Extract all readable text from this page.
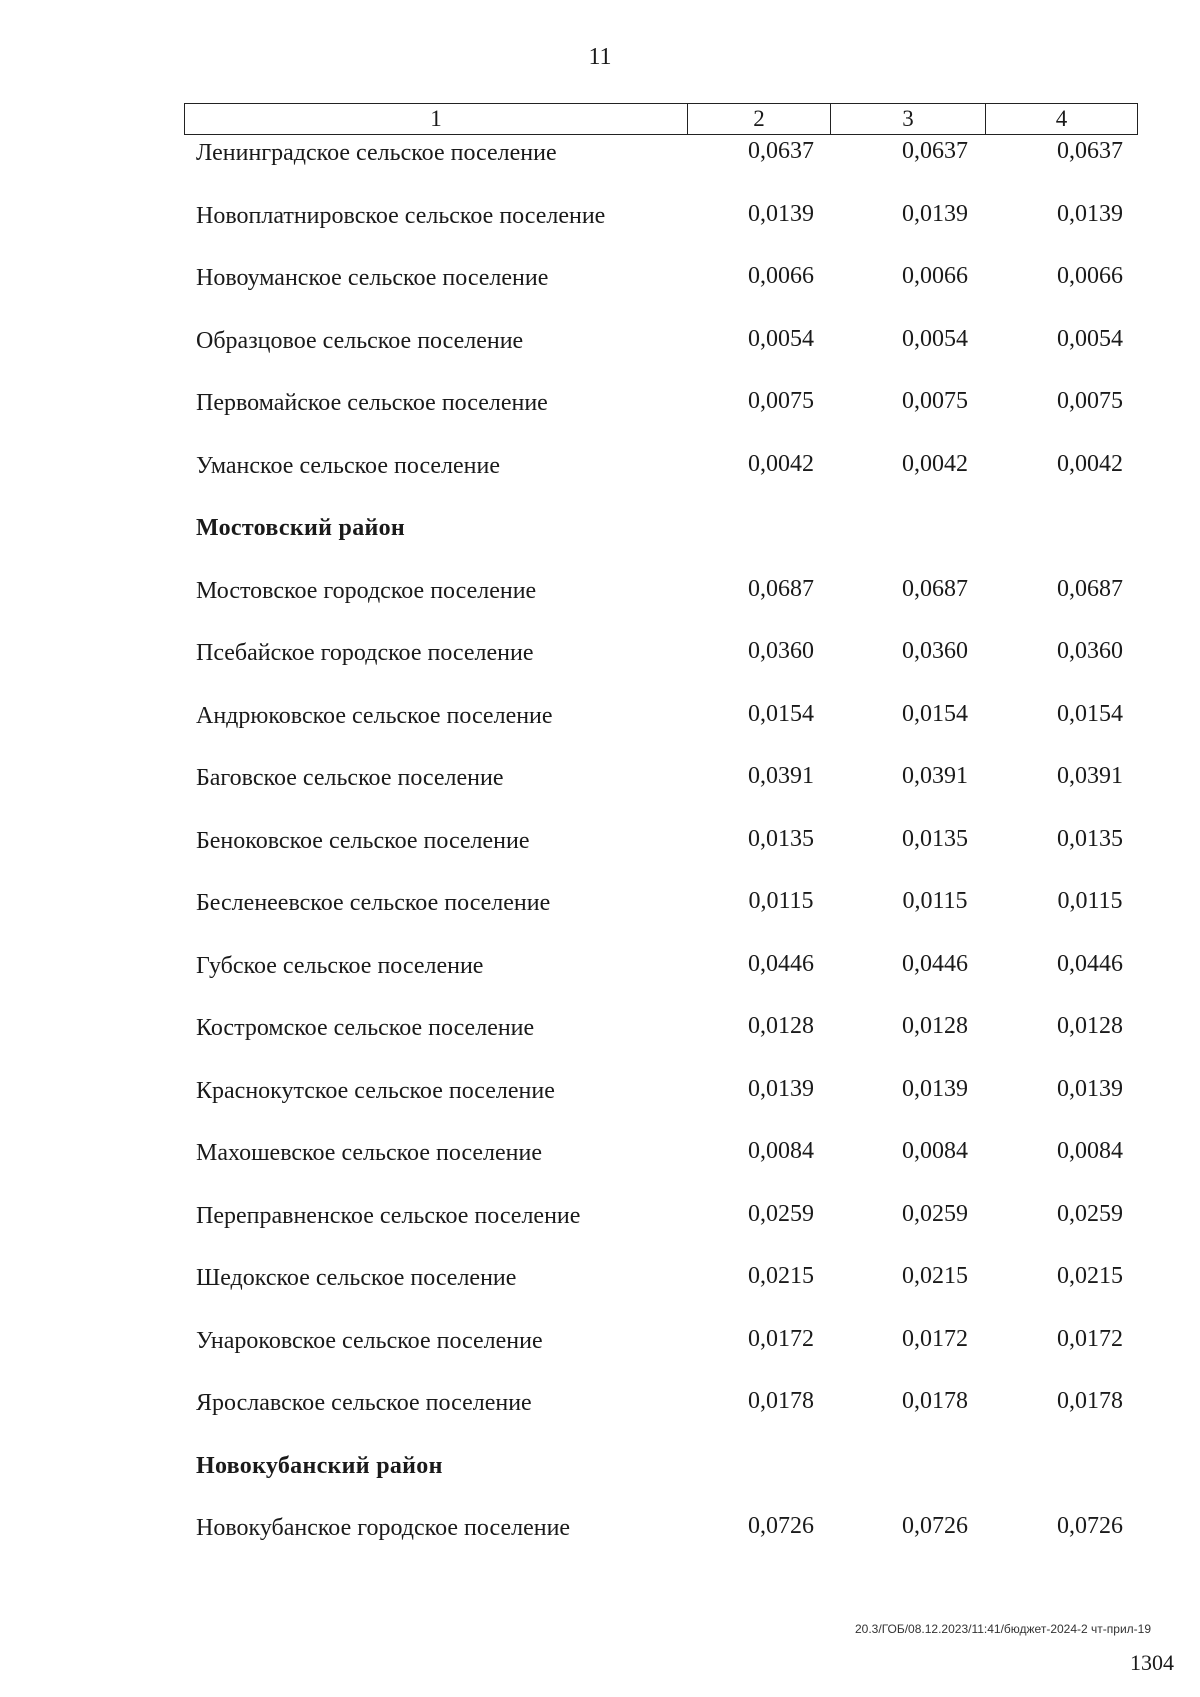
11
1	2	3	4
Ленинградское сельское поселение	0,0637	0,0637	0,0637
Новоплатнировское сельское поселение	0,0139	0,0139	0,0139
Новоуманское сельское поселение	0,0066	0,0066	0,0066
Образцовое сельское поселение	0,0054	0,0054	0,0054
Первомайское сельское поселение	0,0075	0,0075	0,0075
Уманское сельское поселение	0,0042	0,0042	0,0042
Мостовский район
Мостовское городское поселение	0,0687	0,0687	0,0687
Псебайское городское поселение	0,0360	0,0360	0,0360
Андрюковское сельское поселение	0,0154	0,0154	0,0154
Баговское сельское поселение	0,0391	0,0391	0,0391
Беноковское сельское поселение	0,0135	0,0135	0,0135
Бесленеевское сельское поселение	0,0115	0,0115	0,0115
Губское сельское поселение	0,0446	0,0446	0,0446
Костромское сельское поселение	0,0128	0,0128	0,0128
Краснокутское сельское поселение	0,0139	0,0139	0,0139
Махошевское сельское поселение	0,0084	0,0084	0,0084
Переправненское сельское поселение	0,0259	0,0259	0,0259
Шедокское сельское поселение	0,0215	0,0215	0,0215
Унароковское сельское поселение	0,0172	0,0172	0,0172
Ярославское сельское поселение	0,0178	0,0178	0,0178
Новокубанский район
Новокубанское городское поселение	0,0726	0,0726	0,0726
20.3/ГОБ/08.12.2023/11:41/бюджет-2024-2 чт-прил-19
1304
